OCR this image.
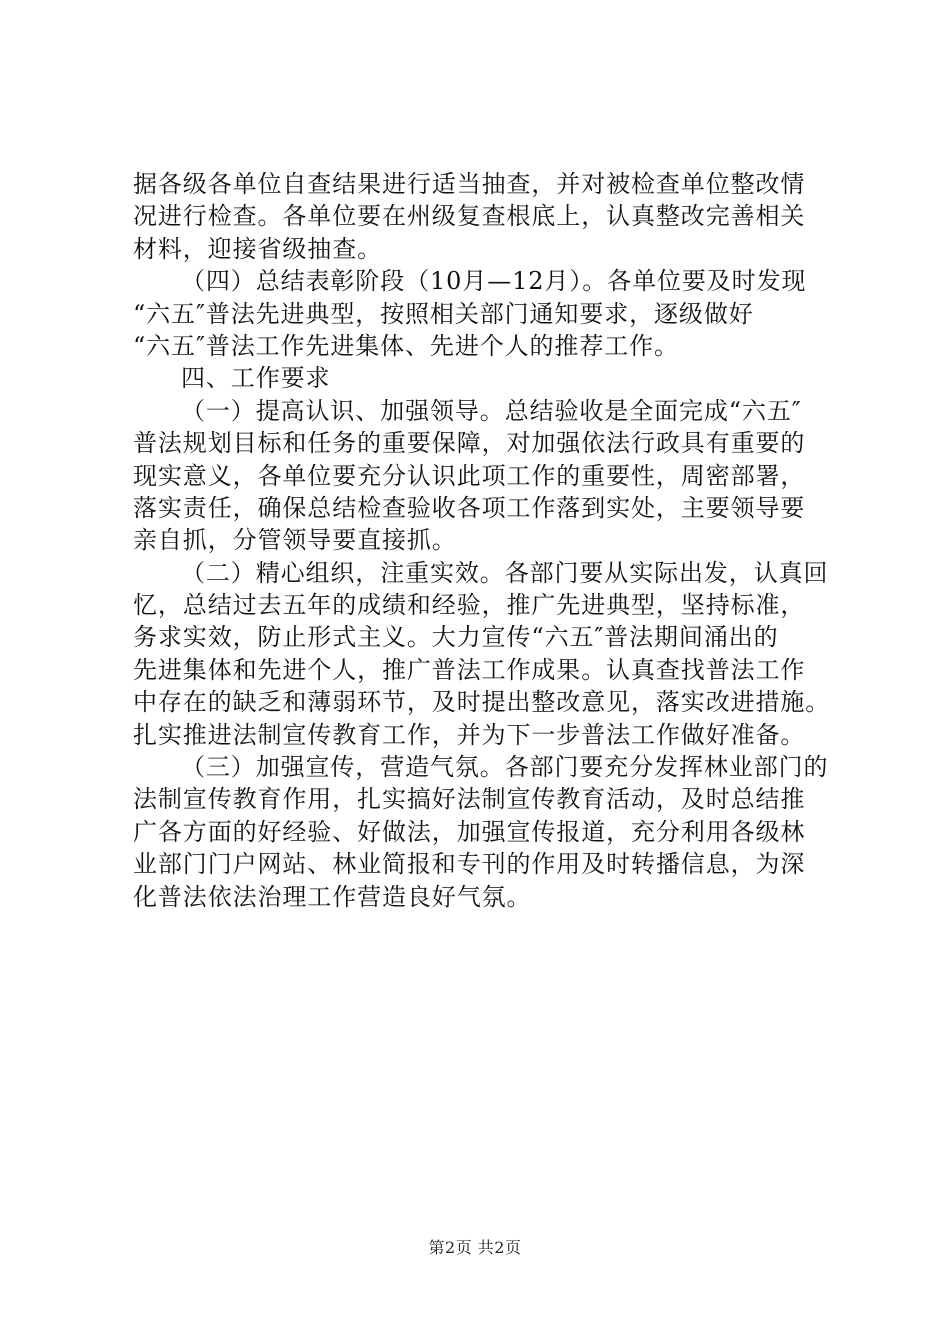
据各级各单位自查结果进行适当抽查，并对被检查单位整改情
况进行检查。各单位要在州级复查根底上，认真整改完善相关
材料，迎接省级抽查。
（四）总结表彰阶段（10月—12月）。各单位要及时发现
“六五″普法先进典型，按照相关部门通知要求，逐级做好
“六五″普法工作先进集体、先进个人的推荐工作。
四、工作要求
（一）提高认识、加强领导。总结验收是全面完成“六五″
普法规划目标和任务的重要保障，对加强依法行政具有重要的
现实意义，各单位要充分认识此项工作的重要性，周密部署，
落实责任，确保总结检查验收各项工作落到实处，主要领导要
亲自抓，分管领导要直接抓。
（二）精心组织，注重实效。各部门要从实际出发，认真回
忆，总结过去五年的成绩和经验，推广先进典型，坚持标准，
务求实效，防止形式主义。大力宣传“六五″普法期间涌出的
先进集体和先进个人，推广普法工作成果。认真查找普法工作
中存在的缺乏和薄弱环节，及时提出整改意见，落实改进措施。
扎实推进法制宣传教育工作，并为下一步普法工作做好准备。
（三）加强宣传，营造气氛。各部门要充分发挥林业部门的
法制宣传教育作用，扎实搞好法制宣传教育活动，及时总结推
广各方面的好经验、好做法，加强宣传报道，充分利用各级林
业部门门户网站、林业简报和专刊的作用及时转播信息，为深
化普法依法治理工作营造良好气氛。
第2页 共2页
